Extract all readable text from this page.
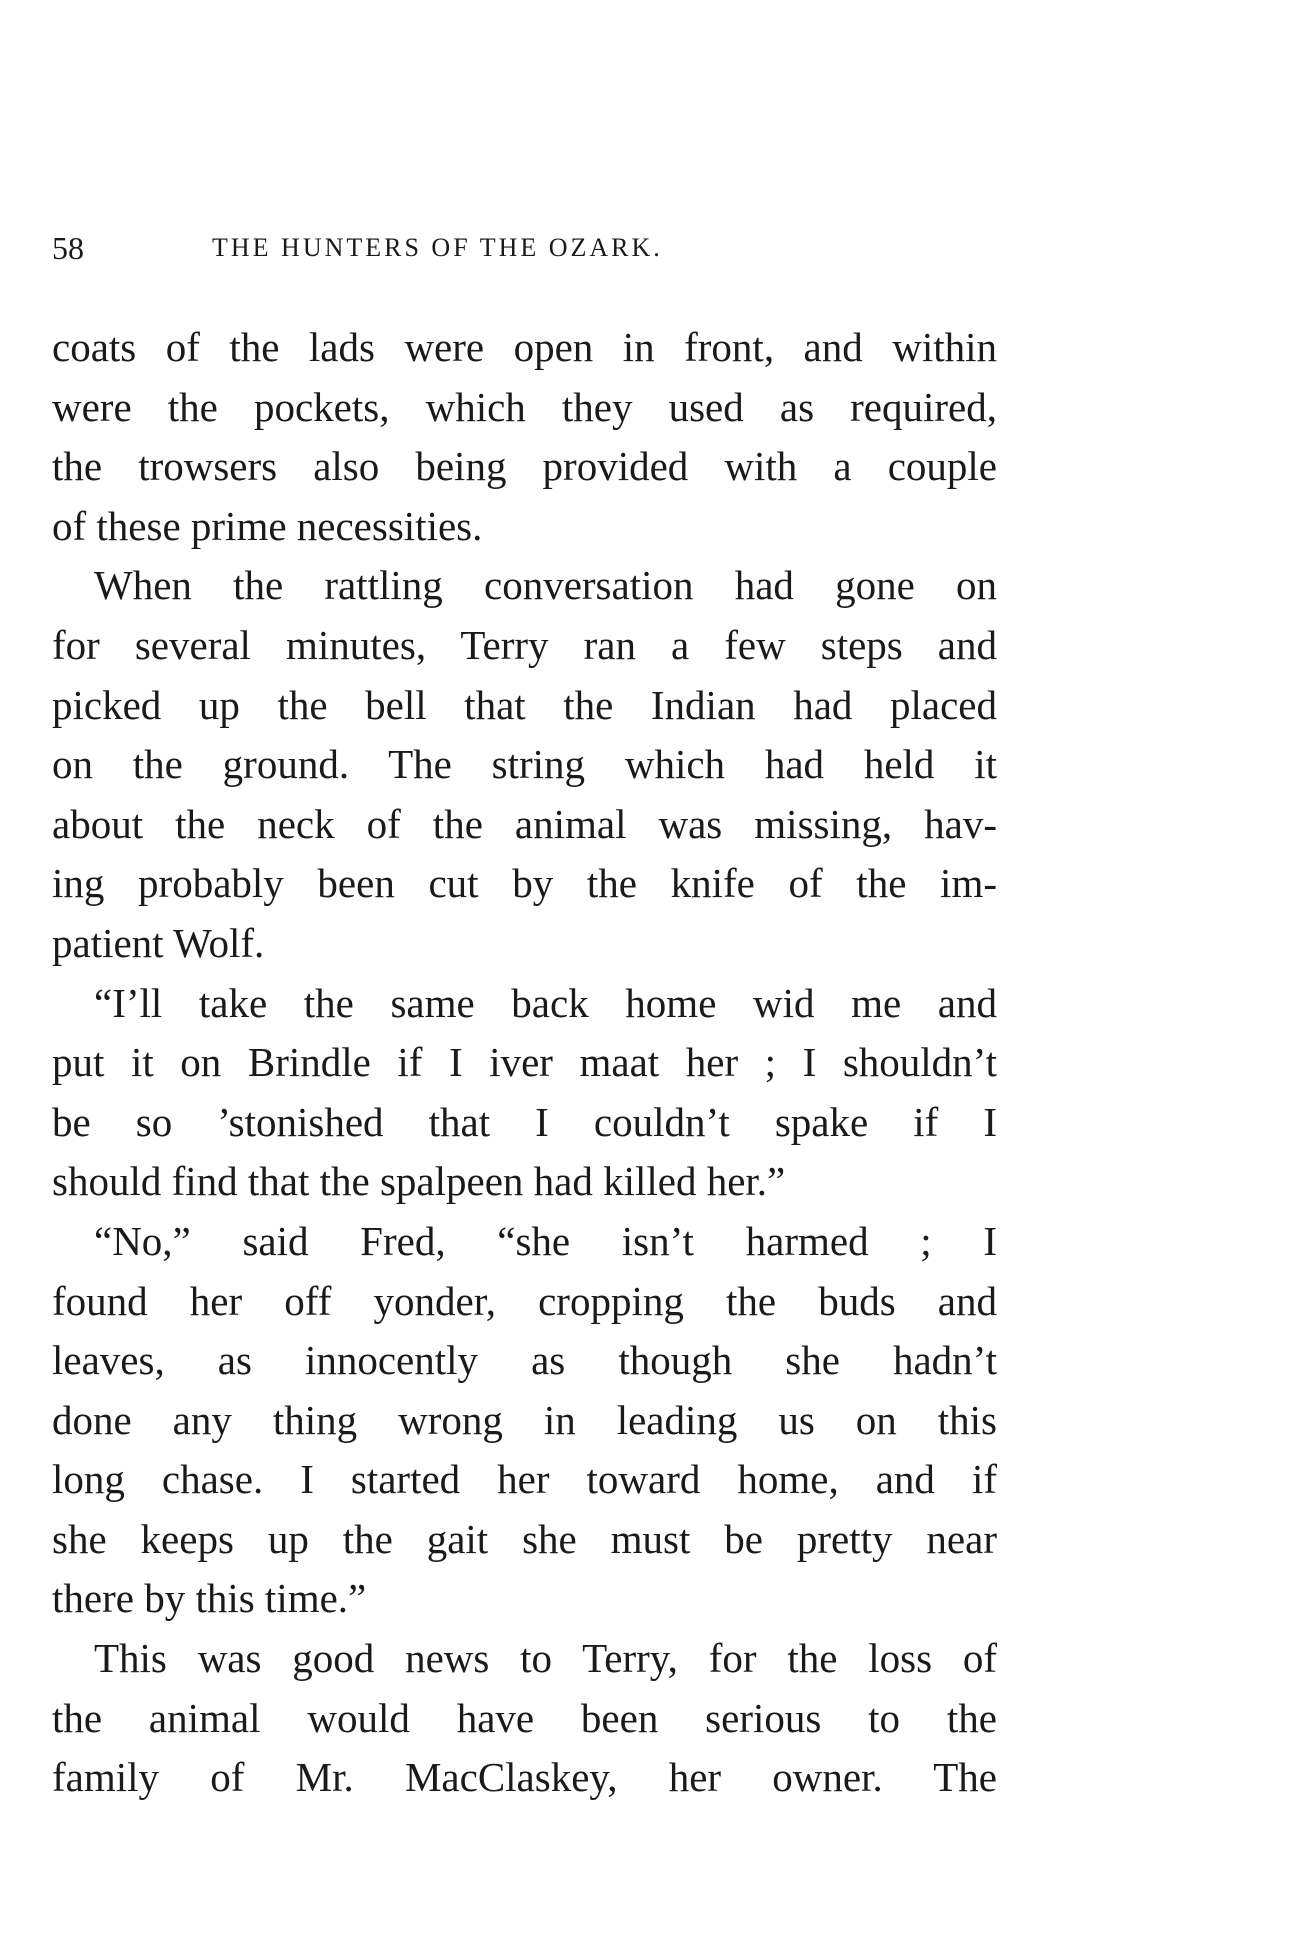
58	THE HUNTERS OF THE OZARK.
coats of the lads were open in front, and within
were the pockets, which they used as required,
the trowsers also being provided with a couple
of these prime necessities.
When the rattling conversation had gone on
for several minutes, Terry ran a few steps and
picked up the bell that the Indian had placed
on the ground. The string which had held it
about the neck of the animal was missing, hav-
ing probably been cut by the knife of the im-
patient Wolf.
“I’ll take the same back home wid me and
put it on Brindle if I iver maat her ; I shouldn’t
be so ’stonished that I couldn’t spake if I
should find that the spalpeen had killed her.”
“No,” said Fred, “she isn’t harmed ; I
found her off yonder, cropping the buds and
leaves, as innocently as though she hadn’t
done any thing wrong in leading us on this
long chase. I started her toward home, and if
she keeps up the gait she must be pretty near
there by this time.”
This was good news to Terry, for the loss of
the animal would have been serious to the
family of Mr. MacClaskey, her owner. The
